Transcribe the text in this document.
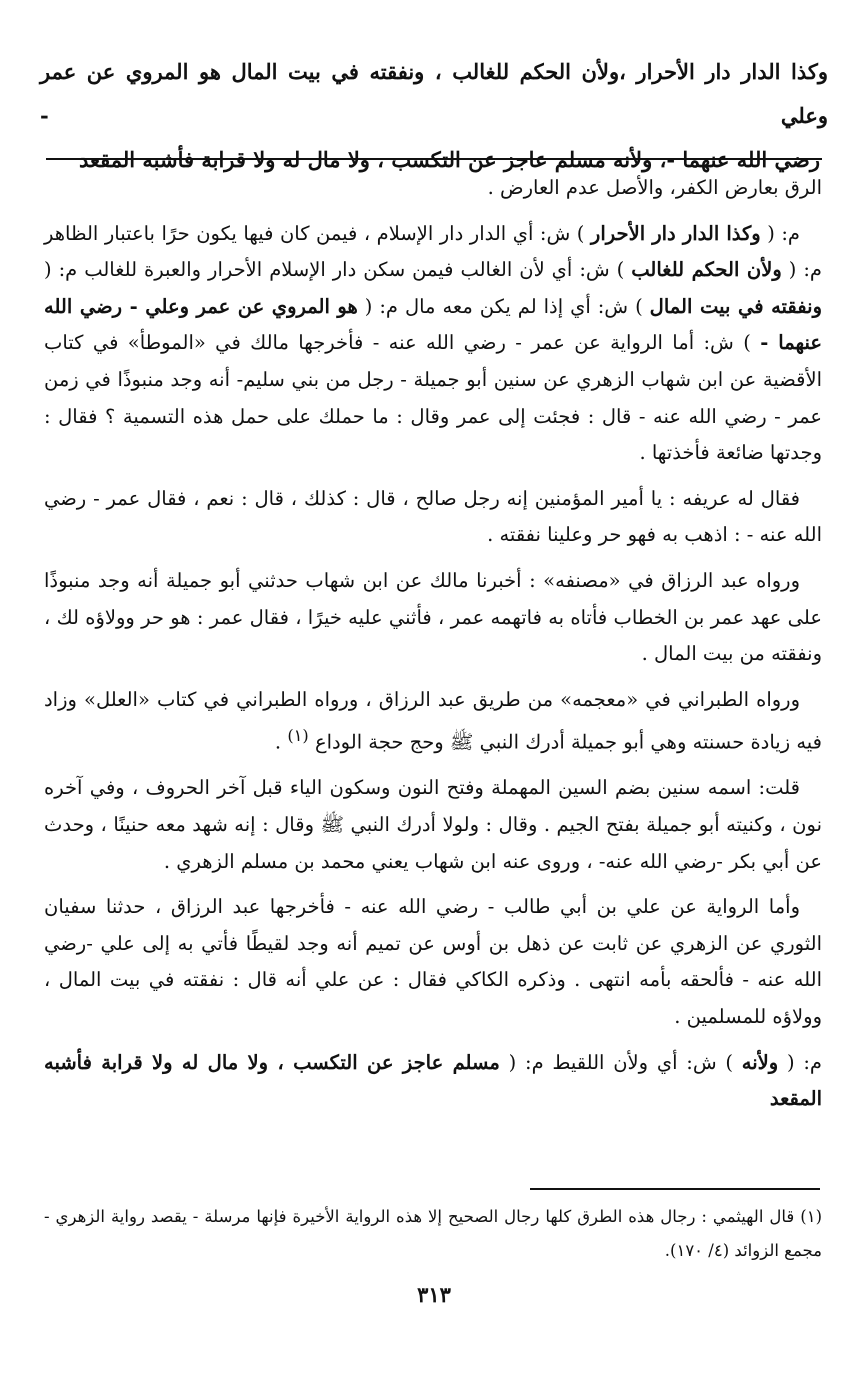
وكذا الدار دار الأحرار ،ولأن الحكم للغالب ، ونفقته في بيت المال هو المروي عن عمر وعلي -
رضي الله عنهما -، ولأنه مسلم عاجز عن التكسب ، ولا مال له ولا قرابة فأشبه المقعد

الرق بعارض الكفر، والأصل عدم العارض .

م: ( وكذا الدار دار الأحرار ) ش: أي الدار دار الإسلام ، فيمن كان فيها يكون حرًا باعتبار الظاهر م: ( ولأن الحكم للغالب ) ش: أي لأن الغالب فيمن سكن دار الإسلام الأحرار والعبرة للغالب م: ( ونفقته في بيت المال ) ش: أي إذا لم يكن معه مال م: ( هو المروي عن عمر وعلي - رضي الله عنهما - ) ش: أما الرواية عن عمر - رضي الله عنه - فأخرجها مالك في «الموطأ» في كتاب الأقضية عن ابن شهاب الزهري عن سنين أبو جميلة - رجل من بني سليم- أنه وجد منبوذًا في زمن عمر - رضي الله عنه - قال : فجئت إلى عمر وقال : ما حملك على حمل هذه التسمية ؟ فقال : وجدتها ضائعة فأخذتها .

فقال له عريفه : يا أمير المؤمنين إنه رجل صالح ، قال : كذلك ، قال : نعم ، فقال عمر - رضي الله عنه - : اذهب به فهو حر وعلينا نفقته .

ورواه عبد الرزاق في «مصنفه» : أخبرنا مالك عن ابن شهاب حدثني أبو جميلة أنه وجد منبوذًا على عهد عمر بن الخطاب فأتاه به فاتهمه عمر ، فأثني عليه خيرًا ، فقال عمر : هو حر وولاؤه لك ، ونفقته من بيت المال .

ورواه الطبراني في «معجمه» من طريق عبد الرزاق ، ورواه الطبراني في كتاب «العلل» وزاد فيه زيادة حسنته وهي أبو جميلة أدرك النبي ﷺ وحج حجة الوداع $^{(١)}$ .

قلت: اسمه سنين بضم السين المهملة وفتح النون وسكون الياء قبل آخر الحروف ، وفي آخره نون ، وكنيته أبو جميلة بفتح الجيم . وقال : ولولا أدرك النبي ﷺ وقال : إنه شهد معه حنينًا ، وحدث عن أبي بكر -رضي الله عنه- ، وروى عنه ابن شهاب يعني محمد بن مسلم الزهري .

وأما الرواية عن علي بن أبي طالب - رضي الله عنه - فأخرجها عبد الرزاق ، حدثنا سفيان الثوري عن الزهري عن ثابت عن ذهل بن أوس عن تميم أنه وجد لقيطًا فأتي به إلى علي -رضي الله عنه - فألحقه بأمه انتهى . وذكره الكاكي فقال : عن علي أنه قال : نفقته في بيت المال ، وولاؤه للمسلمين .

م: ( ولأنه ) ش: أي ولأن اللقيط م: ( مسلم عاجز عن التكسب ، ولا مال له ولا قرابة فأشبه المقعد

(١) قال الهيثمي : رجال هذه الطرق كلها رجال الصحيح إلا هذه الرواية الأخيرة فإنها مرسلة - يقصد رواية الزهري - مجمع الزوائد (٤/ ١٧٠).
٣١٣
